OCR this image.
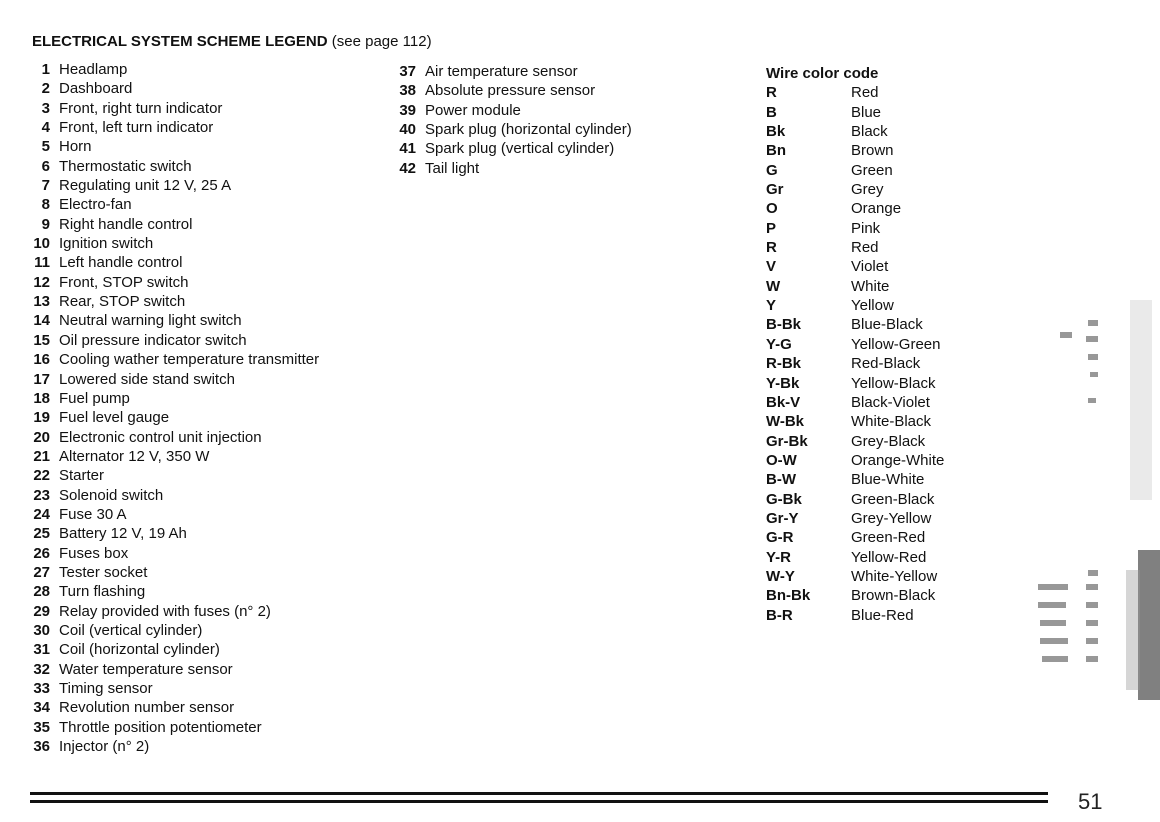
ELECTRICAL SYSTEM SCHEME LEGEND (see page 112)
1 Headlamp
2 Dashboard
3 Front, right turn indicator
4 Front, left turn indicator
5 Horn
6 Thermostatic switch
7 Regulating unit 12 V, 25 A
8 Electro-fan
9 Right handle control
10 Ignition switch
11 Left handle control
12 Front, STOP switch
13 Rear, STOP switch
14 Neutral warning light switch
15 Oil pressure indicator switch
16 Cooling wather temperature transmitter
17 Lowered side stand switch
18 Fuel pump
19 Fuel level gauge
20 Electronic control unit injection
21 Alternator 12 V, 350 W
22 Starter
23 Solenoid switch
24 Fuse 30 A
25 Battery 12 V, 19 Ah
26 Fuses box
27 Tester socket
28 Turn flashing
29 Relay provided with fuses (n° 2)
30 Coil (vertical cylinder)
31 Coil (horizontal cylinder)
32 Water temperature sensor
33 Timing sensor
34 Revolution number sensor
35 Throttle position potentiometer
36 Injector (n° 2)
37 Air temperature sensor
38 Absolute pressure sensor
39 Power module
40 Spark plug (horizontal cylinder)
41 Spark plug (vertical cylinder)
42 Tail light
Wire color code
R	Red
B	Blue
Bk	Black
Bn	Brown
G	Green
Gr	Grey
O	Orange
P	Pink
R	Red
V	Violet
W	White
Y	Yellow
B-Bk	Blue-Black
Y-G	Yellow-Green
R-Bk	Red-Black
Y-Bk	Yellow-Black
Bk-V	Black-Violet
W-Bk	White-Black
Gr-Bk	Grey-Black
O-W	Orange-White
B-W	Blue-White
G-Bk	Green-Black
Gr-Y	Grey-Yellow
G-R	Green-Red
Y-R	Yellow-Red
W-Y	White-Yellow
Bn-Bk	Brown-Black
B-R	Blue-Red
51
